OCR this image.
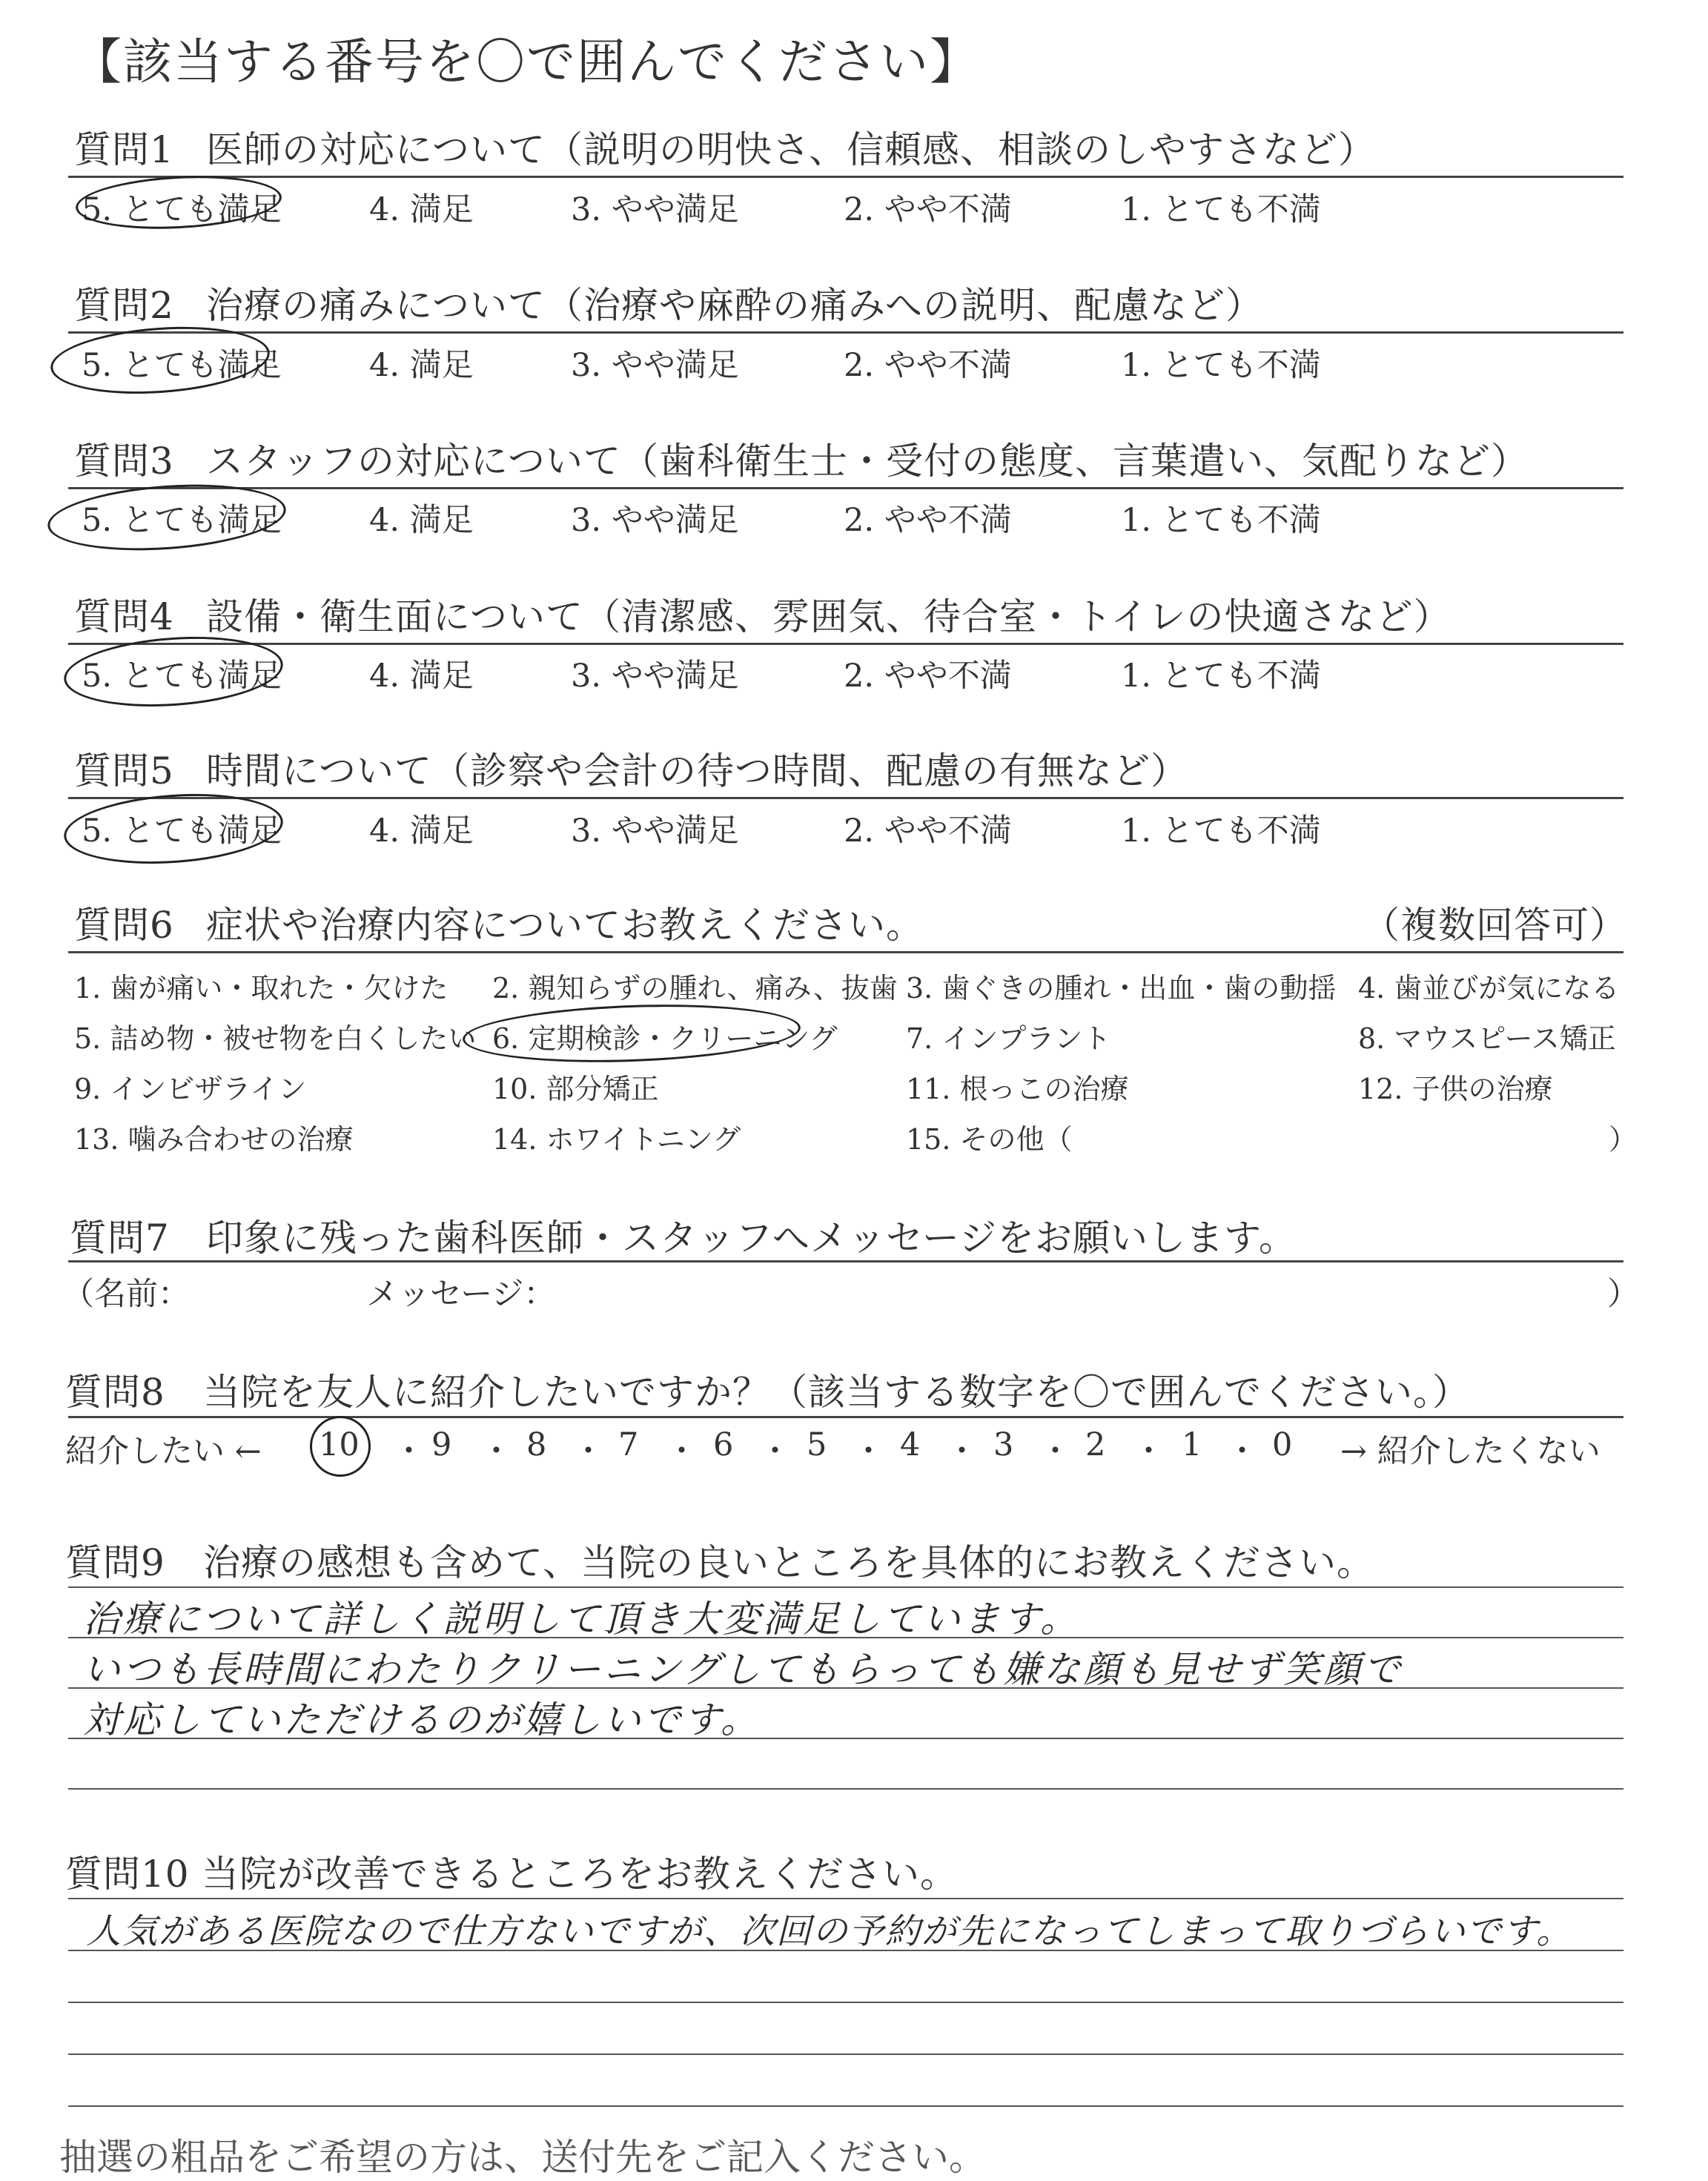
【該当する番号を〇で囲んでください】
質問1 医師の対応について（説明の明快さ、信頼感、相談のしやすさなど）
5. とても満足	4. 満足	3. やや満足	2. やや不満	1. とても不満
質問2 治療の痛みについて（治療や麻酔の痛みへの説明、配慮など）
5. とても満足	4. 満足	3. やや満足	2. やや不満	1. とても不満
質問3 スタッフの対応について（歯科衛生士・受付の態度、言葉遣い、気配りなど）
5. とても満足	4. 満足	3. やや満足	2. やや不満	1. とても不満
質問4 設備・衛生面について（清潔感、雰囲気、待合室・トイレの快適さなど）
5. とても満足	4. 満足	3. やや満足	2. やや不満	1. とても不満
質問5 時間について（診察や会計の待つ時間、配慮の有無など）
5. とても満足	4. 満足	3. やや満足	2. やや不満	1. とても不満
質問6 症状や治療内容についてお教えください。	（複数回答可）
1. 歯が痛い・取れた・欠けた 2. 親知らずの腫れ、痛み、抜歯 3. 歯ぐきの腫れ・出血・歯の動揺 4. 歯並びが気になる
5. 詰め物・被せ物を白くしたい 6. 定期検診・クリーニング 7. インプラント	8. マウスピース矯正
9. インビザライン	10. 部分矯正	11. 根っこの治療	12. 子供の治療
13. 噛み合わせの治療	14. ホワイトニング	15. その他（	）
質問7 印象に残った歯科医師・スタッフへメッセージをお願いします。
（名前：	メッセージ：	）
質問8 当院を友人に紹介したいですか？（該当する数字を〇で囲んでください。）
紹介したい ← 10 ・ 9 ・ 8 ・ 7 ・ 6 ・ 5 ・ 4 ・ 3 ・ 2 ・ 1 ・ 0 → 紹介したくない
質問9 治療の感想も含めて、当院の良いところを具体的にお教えください。
治療について詳しく説明して頂き大変満足しています。
いつも長時間にわたりクリーニングしてもらっても嫌な顔も見せず笑顔で
対応していただけるのが嬉しいです。
質問10 当院が改善できるところをお教えください。
人気がある医院なので仕方ないですが、次回の予約が先になってしまって取りづらいです。
抽選の粗品をご希望の方は、送付先をご記入ください。
